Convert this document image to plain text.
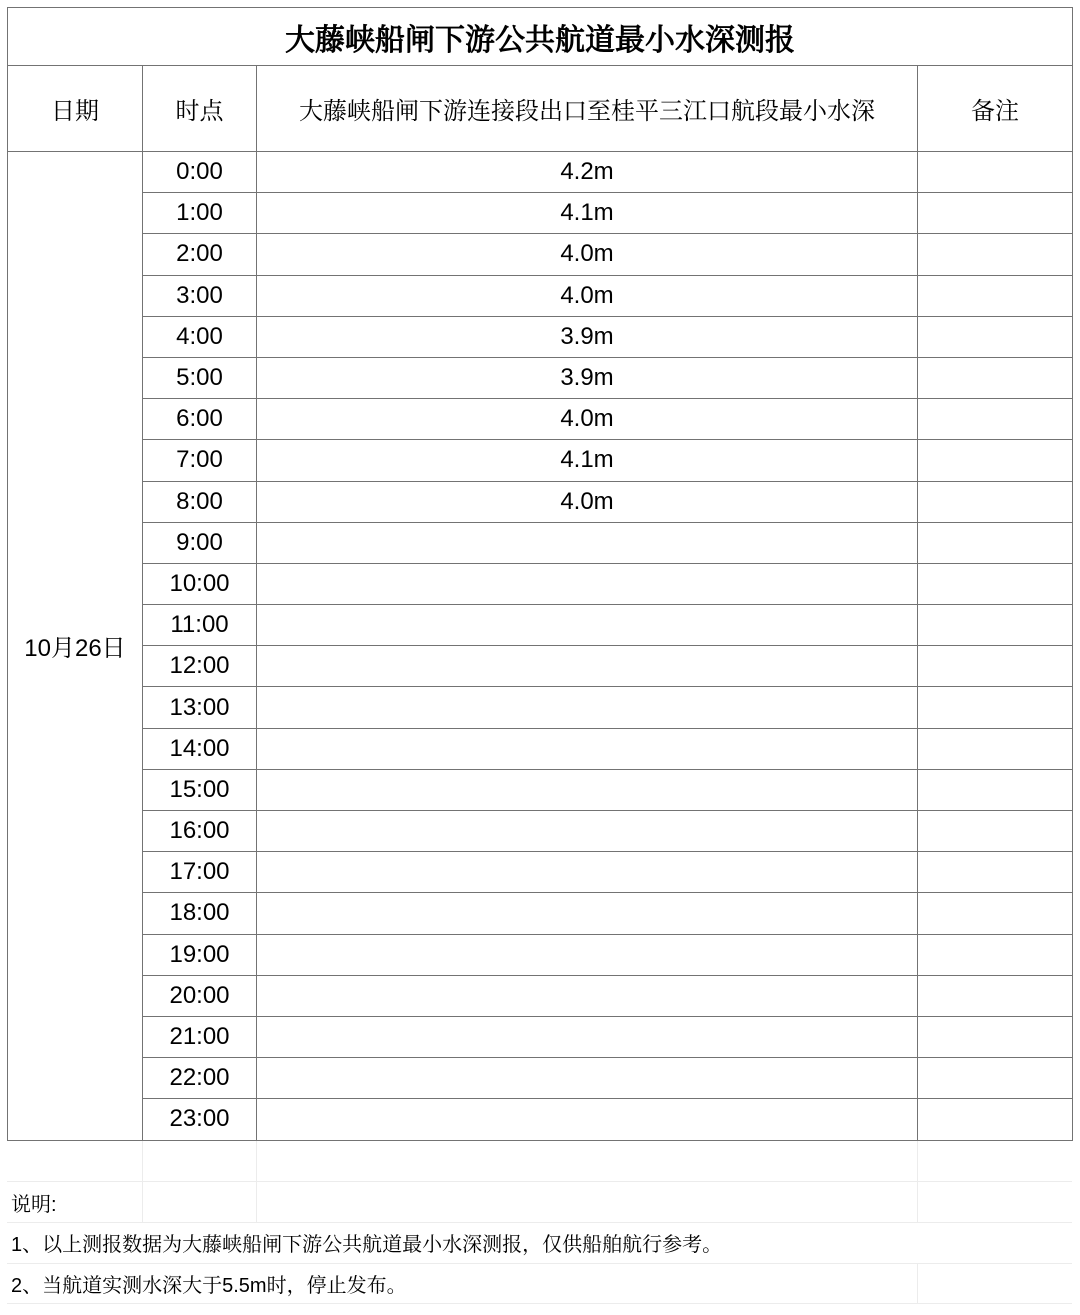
大藤峡船闸下游公共航道最小水深测报			
日期	时点	大藤峡船闸下游连接段出口至桂平三江口航段最小水深	备注
10月26日	0:00	4.2m	
	1:00	4.1m	
	2:00	4.0m	
	3:00	4.0m	
	4:00	3.9m	
	5:00	3.9m	
	6:00	4.0m	
	7:00	4.1m	
	8:00	4.0m	
	9:00		
	10:00		
	11:00		
	12:00		
	13:00		
	14:00		
	15:00		
	16:00		
	17:00		
	18:00		
	19:00		
	20:00		
	21:00		
	22:00		
	23:00		

说明:			
1、以上测报数据为大藤峡船闸下游公共航道最小水深测报，仅供船舶航行参考。			
2、当航道实测水深大于5.5m时，停止发布。			
